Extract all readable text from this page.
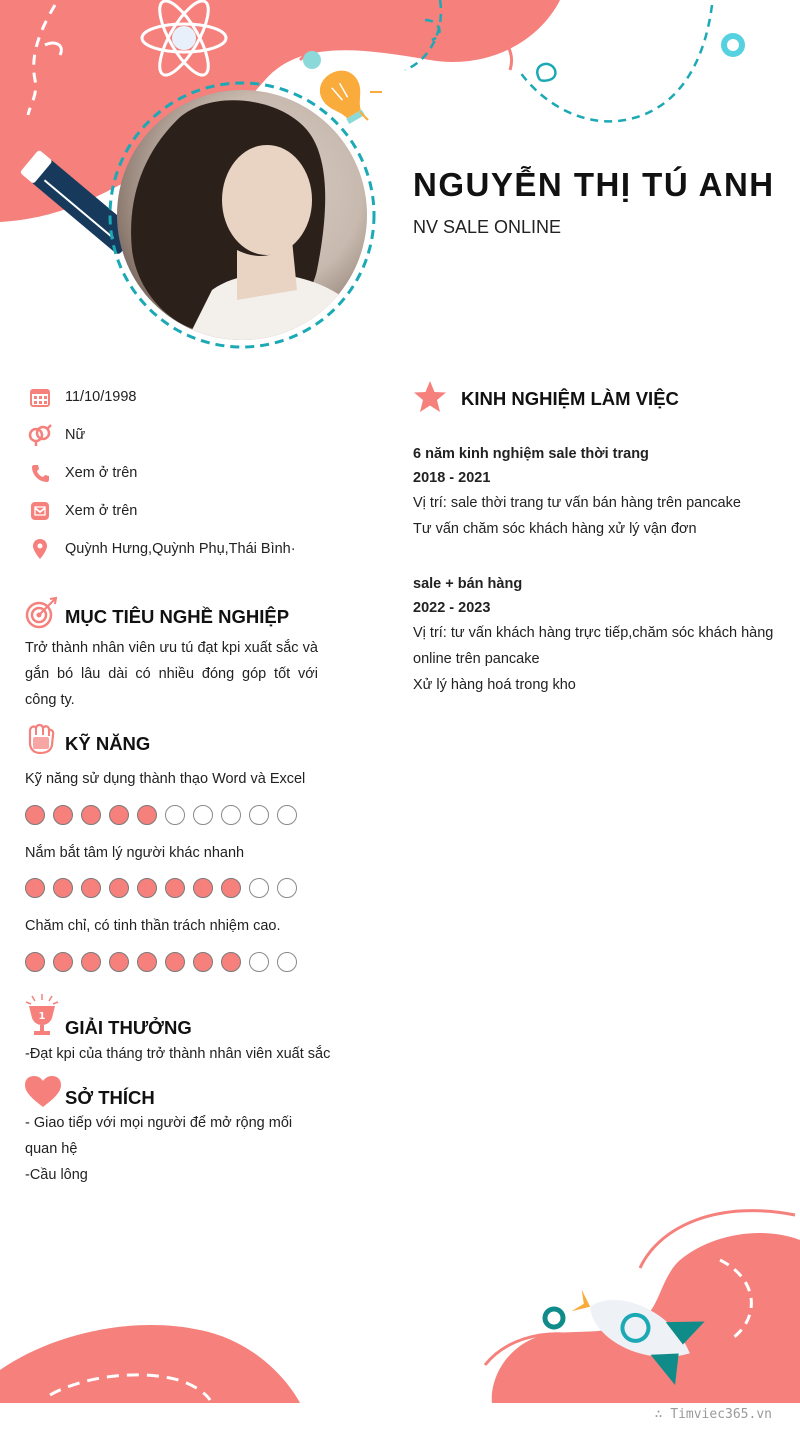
NGUYỄN THỊ TÚ ANH
NV SALE ONLINE
11/10/1998
Nữ
Xem ở trên
Xem ở trên
Quỳnh Hưng,Quỳnh Phụ,Thái Bình·
MỤC TIÊU NGHỀ NGHIỆP
Trở thành nhân viên ưu tú đạt kpi xuất sắc và gắn bó lâu dài có nhiều đóng góp tốt với công ty.
KỸ NĂNG
Kỹ năng sử dụng thành thạo Word và Excel
Nắm bắt tâm lý người khác nhanh
Chăm chỉ, có tinh thần trách nhiệm cao.
1
GIẢI THƯỞNG
-Đạt kpi của tháng trở thành nhân viên xuất sắc
SỞ THÍCH
- Giao tiếp với mọi người để mở rộng mối quan hệ
-Cầu lông
KINH NGHIỆM LÀM VIỆC
6 năm kinh nghiệm sale thời trang
2018 - 2021
Vị trí: sale thời trang tư vấn bán hàng trên pancake
Tư vấn chăm sóc khách hàng xử lý vận đơn
sale + bán hàng
2022 - 2023
Vị trí: tư vấn khách hàng trực tiếp,chăm sóc khách hàng online trên pancake
Xử lý hàng hoá trong kho
∴ Timviec365.vn
